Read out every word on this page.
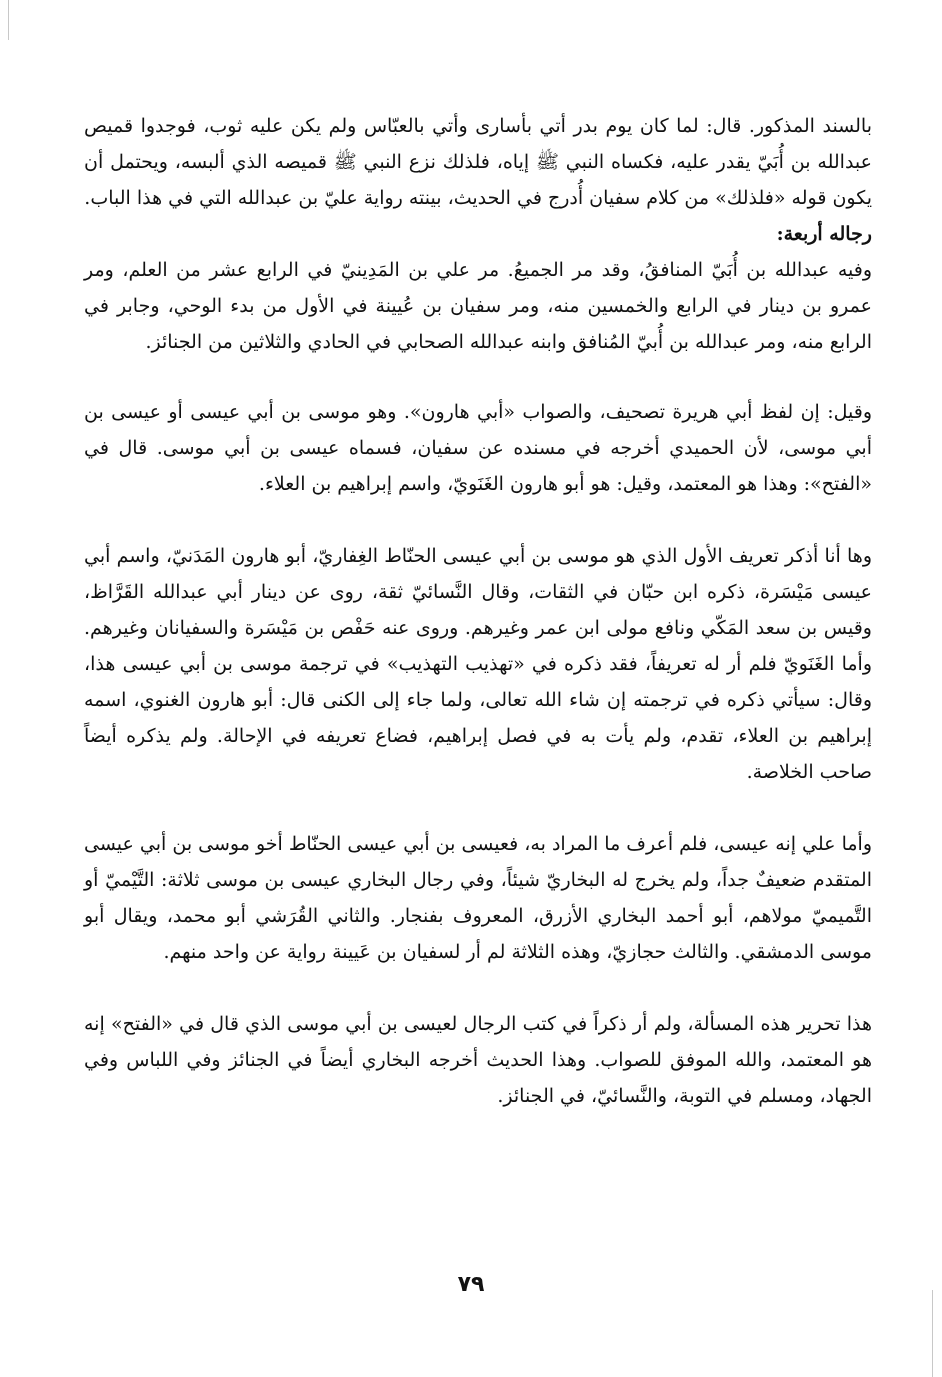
بالسند المذكور. قال: لما كان يوم بدر أتي بأسارى وأتي بالعبّاس ولم يكن عليه ثوب، فوجدوا قميص عبدالله بن أُبَيّ يقدر عليه، فكساه النبي ﷺ إياه، فلذلك نزع النبي ﷺ قميصه الذي ألبسه، ويحتمل أن يكون قوله «فلذلك» من كلام سفيان أُدرج في الحديث، بينته رواية عليّ بن عبدالله التي في هذا الباب.

رجاله أربعة:

وفيه عبدالله بن أُبَيّ المنافقُ، وقد مر الجميعُ. مر علي بن المَدِينيّ في الرابع عشر من العلم، ومر عمرو بن دينار في الرابع والخمسين منه، ومر سفيان بن عُيينة في الأول من بدء الوحي، وجابر في الرابع منه، ومر عبدالله بن أُبيّ المُنافق وابنه عبدالله الصحابي في الحادي والثلاثين من الجنائز.

وقيل: إن لفظ أبي هريرة تصحيف، والصواب «أبي هارون». وهو موسى بن أبي عيسى أو عيسى بن أبي موسى، لأن الحميدي أخرجه في مسنده عن سفيان، فسماه عيسى بن أبي موسى. قال في «الفتح»: وهذا هو المعتمد، وقيل: هو أبو هارون الغَنَويّ، واسم إبراهيم بن العلاء.

وها أنا أذكر تعريف الأول الذي هو موسى بن أبي عيسى الحنّاط الغِفاريّ، أبو هارون المَدَنيّ، واسم أبي عيسى مَيْسَرة، ذكره ابن حبّان في الثقات، وقال النَّسائيّ ثقة، روى عن دينار أبي عبدالله القَرَّاظ، وقيس بن سعد المَكّي ونافع مولى ابن عمر وغيرهم. وروى عنه حَفْص بن مَيْسَرة والسفيانان وغيرهم. وأما الغَنَويّ فلم أر له تعريفاً، فقد ذكره في «تهذيب التهذيب» في ترجمة موسى بن أبي عيسى هذا، وقال: سيأتي ذكره في ترجمته إن شاء الله تعالى، ولما جاء إلى الكنى قال: أبو هارون الغنوي، اسمه إبراهيم بن العلاء، تقدم، ولم يأت به في فصل إبراهيم، فضاع تعريفه في الإحالة. ولم يذكره أيضاً صاحب الخلاصة.

وأما علي إنه عيسى، فلم أعرف ما المراد به، فعيسى بن أبي عيسى الحنّاط أخو موسى بن أبي عيسى المتقدم ضعيفٌ جداً، ولم يخرج له البخاريّ شيئاً، وفي رجال البخاري عيسى بن موسى ثلاثة: التَّيْميّ أو التَّميميّ مولاهم، أبو أحمد البخاري الأزرق، المعروف بفنجار. والثاني القُرَشي أبو محمد، ويقال أبو موسى الدمشقي. والثالث حجازيّ، وهذه الثلاثة لم أر لسفيان بن عَيينة رواية عن واحد منهم.

هذا تحرير هذه المسألة، ولم أر ذكراً في كتب الرجال لعيسى بن أبي موسى الذي قال في «الفتح» إنه هو المعتمد، والله الموفق للصواب. وهذا الحديث أخرجه البخاري أيضاً في الجنائز وفي اللباس وفي الجهاد، ومسلم في التوبة، والنَّسائيّ، في الجنائز.

٧٩
